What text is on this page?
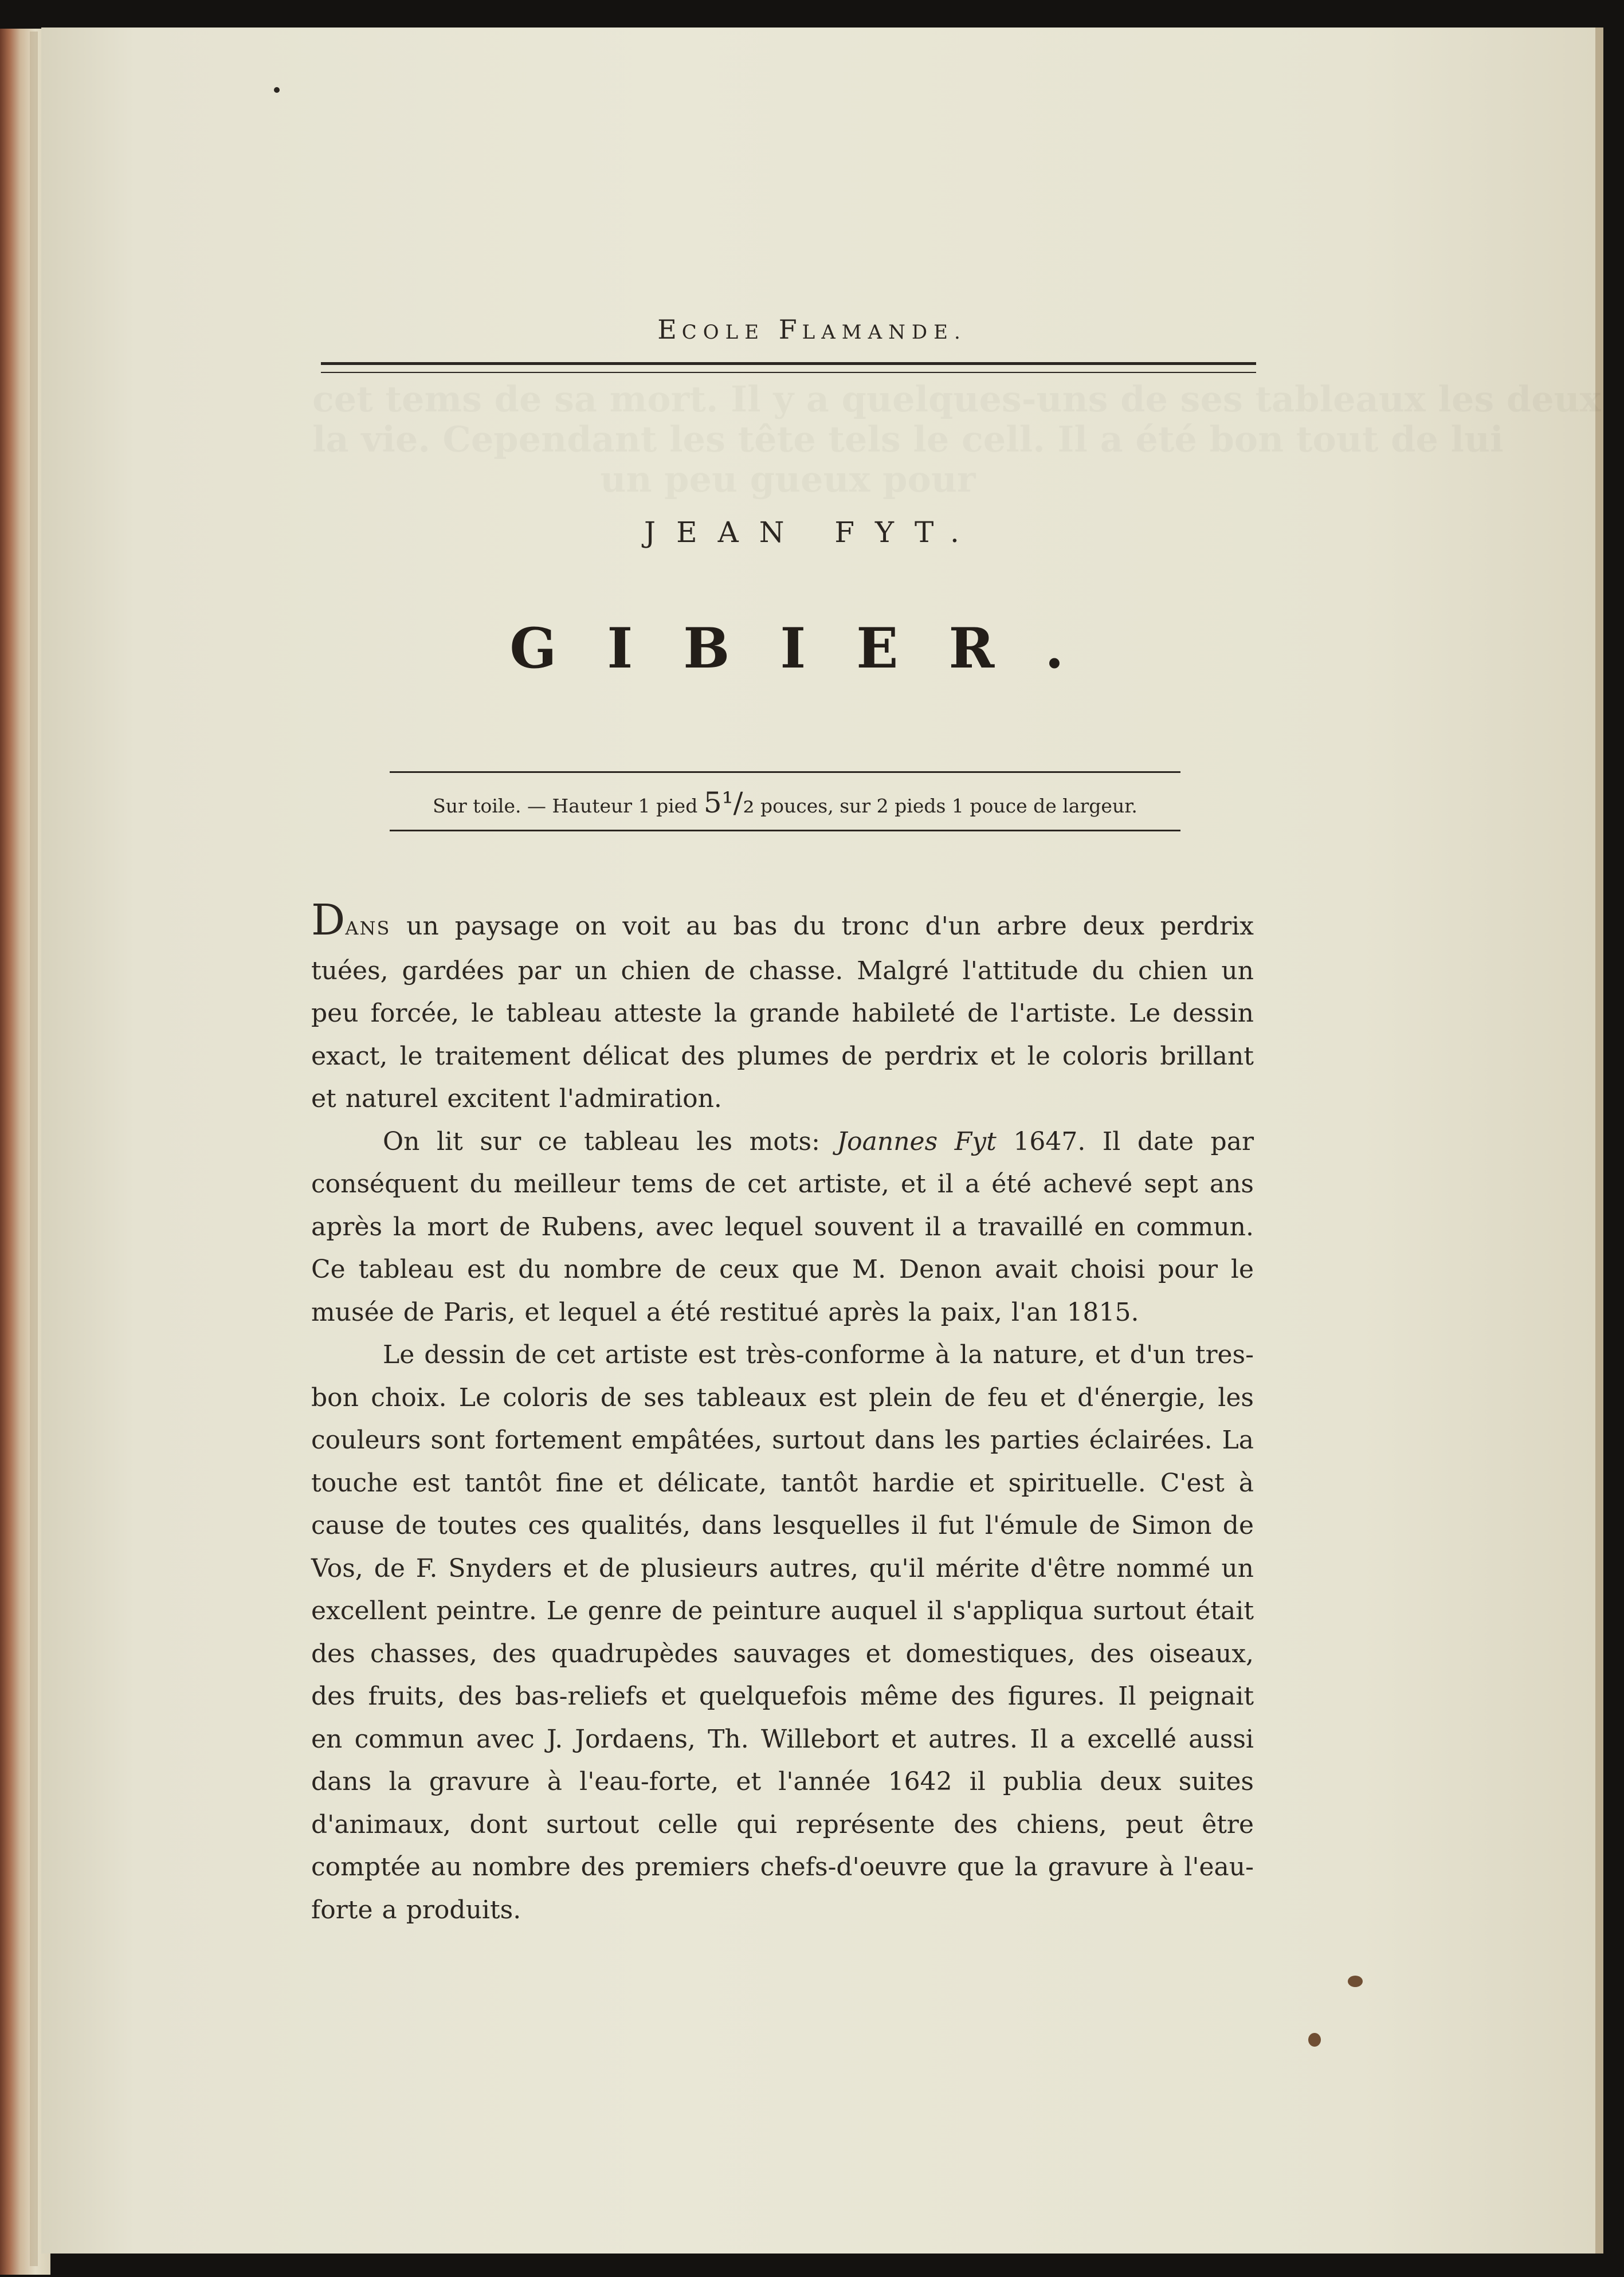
ECOLE FLAMANDE.
JEAN FYT.
GIBIER.
Sur toile. — Hauteur 1 pied 5¹/₂ pouces, sur 2 pieds 1 pouce de largeur.

DANS un paysage on voit au bas du tronc d'un arbre deux perdrix tuées, gardées par un chien de chasse. Malgré l'attitude du chien un peu forcée, le tableau atteste la grande habileté de l'artiste. Le dessin exact, le traitement délicat des plumes de perdrix et le coloris brillant et naturel excitent l'admiration.

On lit sur ce tableau les mots: Joannes Fyt 1647. Il date par conséquent du meilleur tems de cet artiste, et il a été achevé sept ans après la mort de Rubens, avec lequel souvent il a travaillé en commun. Ce tableau est du nombre de ceux que M. Denon avait choisi pour le musée de Paris, et lequel a été restitué après la paix, l'an 1815.

Le dessin de cet artiste est très-conforme à la nature, et d'un tres-bon choix. Le coloris de ses tableaux est plein de feu et d'énergie, les couleurs sont fortement empâtées, surtout dans les parties éclairées. La touche est tantôt fine et délicate, tantôt hardie et spirituelle. C'est à cause de toutes ces qualités, dans lesquelles il fut l'émule de Simon de Vos, de F. Snyders et de plusieurs autres, qu'il mérite d'être nommé un excellent peintre. Le genre de peinture auquel il s'appliqua surtout était des chasses, des quadrupèdes sauvages et domestiques, des oiseaux, des fruits, des bas-reliefs et quelquefois même des figures. Il peignait en commun avec J. Jordaens, Th. Willebort et autres. Il a excellé aussi dans la gravure à l'eau-forte, et l'année 1642 il publia deux suites d'animaux, dont surtout celle qui représente des chiens, peut être comptée au nombre des premiers chefs-d'oeuvre que la gravure à l'eau-forte a produits.
